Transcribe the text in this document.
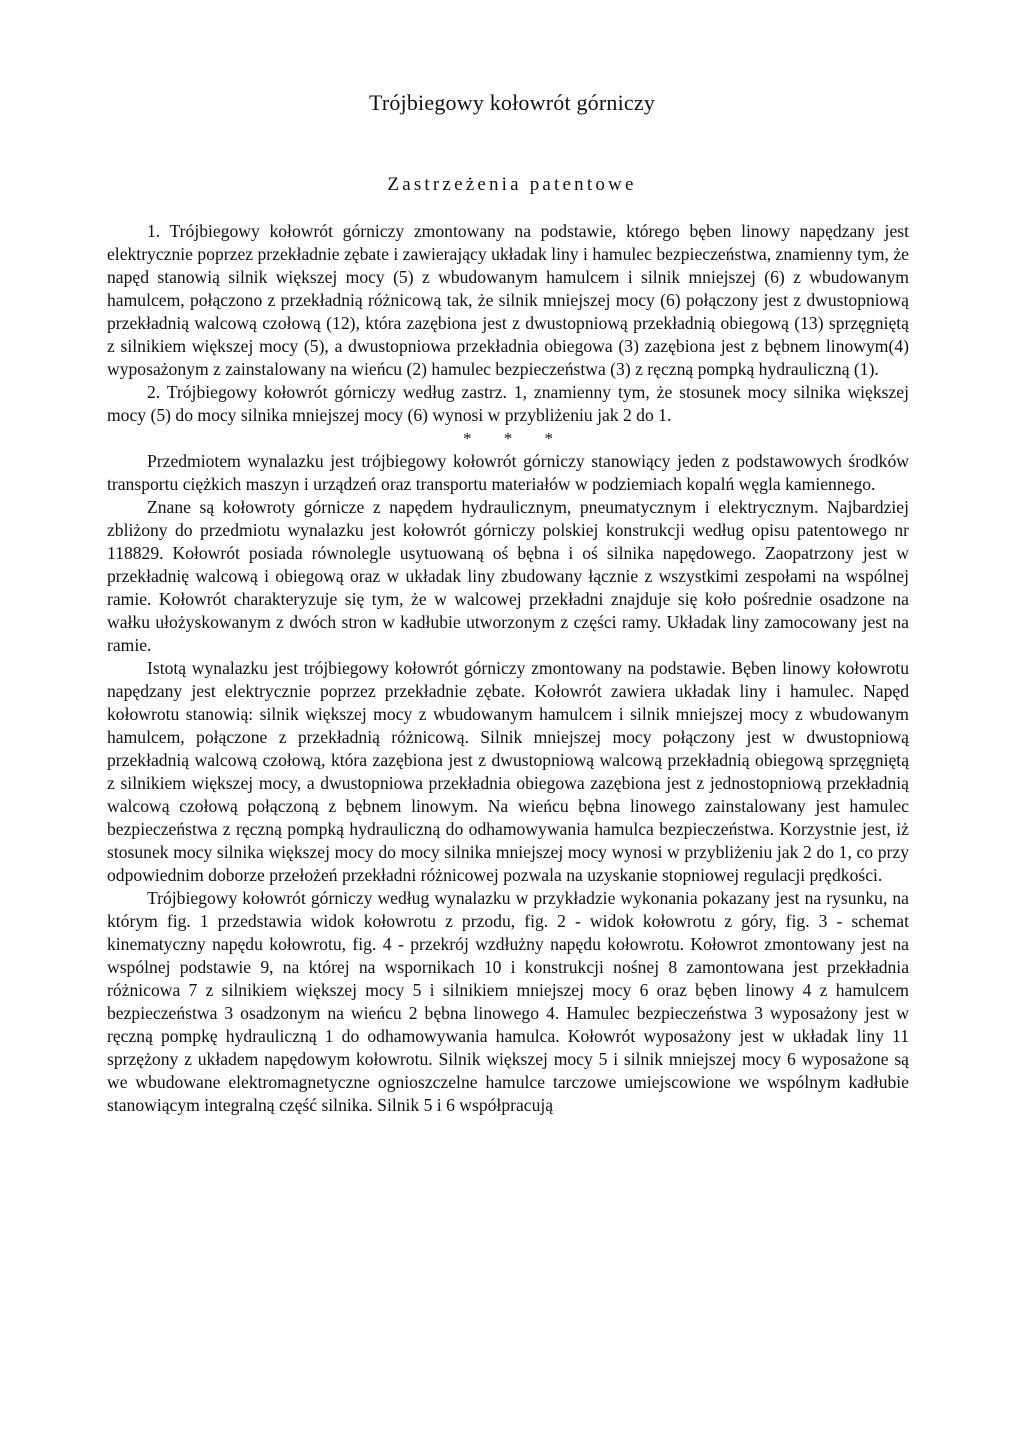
Trójbiegowy kołowrót górniczy
Zastrzeżenia patentowe

1. Trójbiegowy kołowrót górniczy zmontowany na podstawie, którego bęben linowy napędzany jest elektrycznie poprzez przekładnie zębate i zawierający układak liny i hamulec bezpieczeństwa, znamienny tym, że napęd stanowią silnik większej mocy (5) z wbudowanym hamulcem i silnik mniejszej (6) z wbudowanym hamulcem, połączono z przekładnią różnicową tak, że silnik mniejszej mocy (6) połączony jest z dwustopniową przekładnią walcową czołową (12), która zazębiona jest z dwustopniową przekładnią obiegową (13) sprzęgniętą z silnikiem większej mocy (5), a dwustopniowa przekładnia obiegowa (3) zazębiona jest z bębnem linowym(4) wyposażonym z zainstalowany na wieńcu (2) hamulec bezpieczeństwa (3) z ręczną pompką hydrauliczną (1).

2. Trójbiegowy kołowrót górniczy według zastrz. 1, znamienny tym, że stosunek mocy silnika większej mocy (5) do mocy silnika mniejszej mocy (6) wynosi w przybliżeniu jak 2 do 1.

* * *

Przedmiotem wynalazku jest trójbiegowy kołowrót górniczy stanowiący jeden z podstawowych środków transportu ciężkich maszyn i urządzeń oraz transportu materiałów w podziemiach kopalń węgla kamiennego.

Znane są kołowroty górnicze z napędem hydraulicznym, pneumatycznym i elektrycznym. Najbardziej zbliżony do przedmiotu wynalazku jest kołowrót górniczy polskiej konstrukcji według opisu patentowego nr 118829. Kołowrót posiada równolegle usytuowaną oś bębna i oś silnika napędowego. Zaopatrzony jest w przekładnię walcową i obiegową oraz w układak liny zbudowany łącznie z wszystkimi zespołami na wspólnej ramie. Kołowrót charakteryzuje się tym, że w walcowej przekładni znajduje się koło pośrednie osadzone na wałku ułożyskowanym z dwóch stron w kadłubie utworzonym z części ramy. Układak liny zamocowany jest na ramie.

Istotą wynalazku jest trójbiegowy kołowrót górniczy zmontowany na podstawie. Bęben linowy kołowrotu napędzany jest elektrycznie poprzez przekładnie zębate. Kołowrót zawiera układak liny i hamulec. Napęd kołowrotu stanowią: silnik większej mocy z wbudowanym hamulcem i silnik mniejszej mocy z wbudowanym hamulcem, połączone z przekładnią różnicową. Silnik mniejszej mocy połączony jest w dwustopniową przekładnią walcową czołową, która zazębiona jest z dwustopniową walcową przekładnią obiegową sprzęgniętą z silnikiem większej mocy, a dwustopniowa przekładnia obiegowa zazębiona jest z jednostopniową przekładnią walcową czołową połączoną z bębnem linowym. Na wieńcu bębna linowego zainstalowany jest hamulec bezpieczeństwa z ręczną pompką hydrauliczną do odhamowywania hamulca bezpieczeństwa. Korzystnie jest, iż stosunek mocy silnika większej mocy do mocy silnika mniejszej mocy wynosi w przybliżeniu jak 2 do 1, co przy odpowiednim doborze przełożeń przekładni różnicowej pozwala na uzyskanie stopniowej regulacji prędkości.

Trójbiegowy kołowrót górniczy według wynalazku w przykładzie wykonania pokazany jest na rysunku, na którym fig. 1 przedstawia widok kołowrotu z przodu, fig. 2 - widok kołowrotu z góry, fig. 3 - schemat kinematyczny napędu kołowrotu, fig. 4 - przekrój wzdłużny napędu kołowrotu. Kołowrot zmontowany jest na wspólnej podstawie 9, na której na wspornikach 10 i konstrukcji nośnej 8 zamontowana jest przekładnia różnicowa 7 z silnikiem większej mocy 5 i silnikiem mniejszej mocy 6 oraz bęben linowy 4 z hamulcem bezpieczeństwa 3 osadzonym na wieńcu 2 bębna linowego 4. Hamulec bezpieczeństwa 3 wyposażony jest w ręczną pompkę hydrauliczną 1 do odhamowywania hamulca. Kołowrót wyposażony jest w układak liny 11 sprzężony z układem napędowym kołowrotu. Silnik większej mocy 5 i silnik mniejszej mocy 6 wyposażone są we wbudowane elektromagnetyczne ognioszczelne hamulce tarczowe umiejscowione we wspólnym kadłubie stanowiącym integralną część silnika. Silnik 5 i 6 współpracują
